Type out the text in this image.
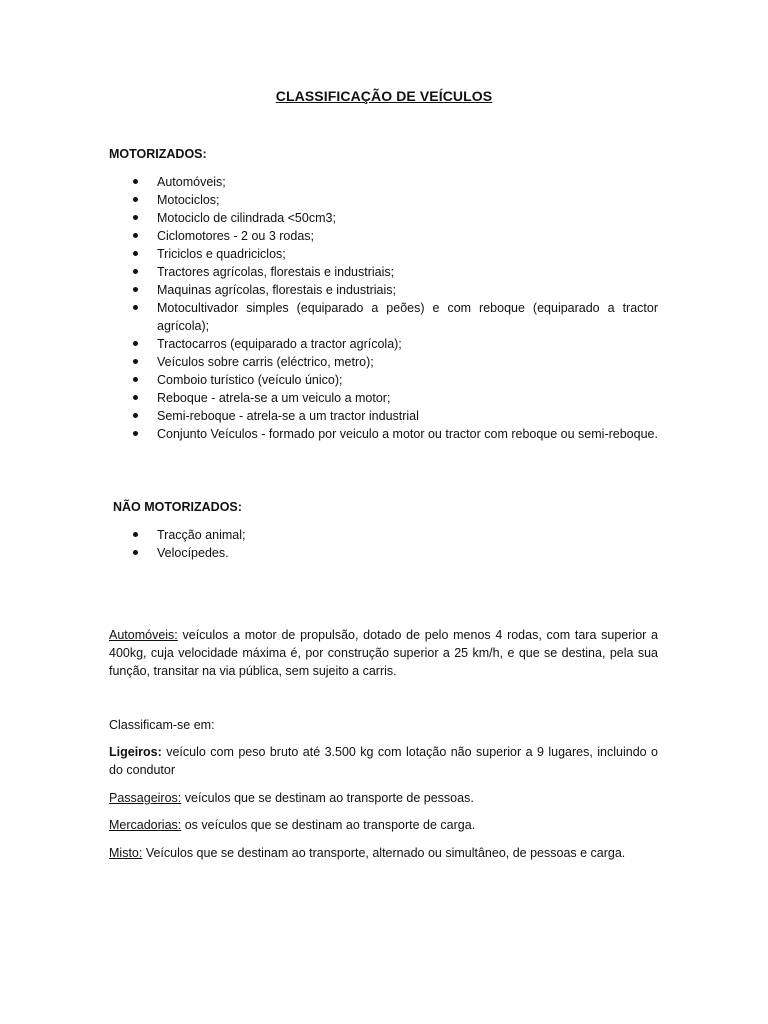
CLASSIFICAÇÃO DE VEÍCULOS
MOTORIZADOS:
Automóveis;
Motociclos;
Motociclo de cilindrada <50cm3;
Ciclomotores - 2 ou 3 rodas;
Triciclos e quadriciclos;
Tractores agrícolas, florestais e industriais;
Maquinas agrícolas, florestais e industriais;
Motocultivador simples (equiparado a peões) e com reboque (equiparado a tractor agrícola);
Tractocarros (equiparado a tractor agrícola);
Veículos sobre carris (eléctrico, metro);
Comboio turístico (veículo único);
Reboque - atrela-se a um veiculo a motor;
Semi-reboque - atrela-se a um tractor industrial
Conjunto Veículos - formado por veiculo a motor ou tractor com reboque ou semi-reboque.
NÃO MOTORIZADOS:
Tracção animal;
Velocípedes.
Automóveis: veículos a motor de propulsão, dotado de pelo menos 4 rodas, com tara superior a 400kg, cuja velocidade máxima é, por construção superior a 25 km/h, e que se destina, pela sua função, transitar na via pública, sem sujeito a carris.
Classificam-se em:
Ligeiros: veículo com peso bruto até 3.500 kg com lotação não superior a 9 lugares, incluindo o do condutor
Passageiros: veículos que se destinam ao transporte de pessoas.
Mercadorias: os veículos que se destinam ao transporte de carga.
Misto: Veículos que se destinam ao transporte, alternado ou simultâneo, de pessoas e carga.
